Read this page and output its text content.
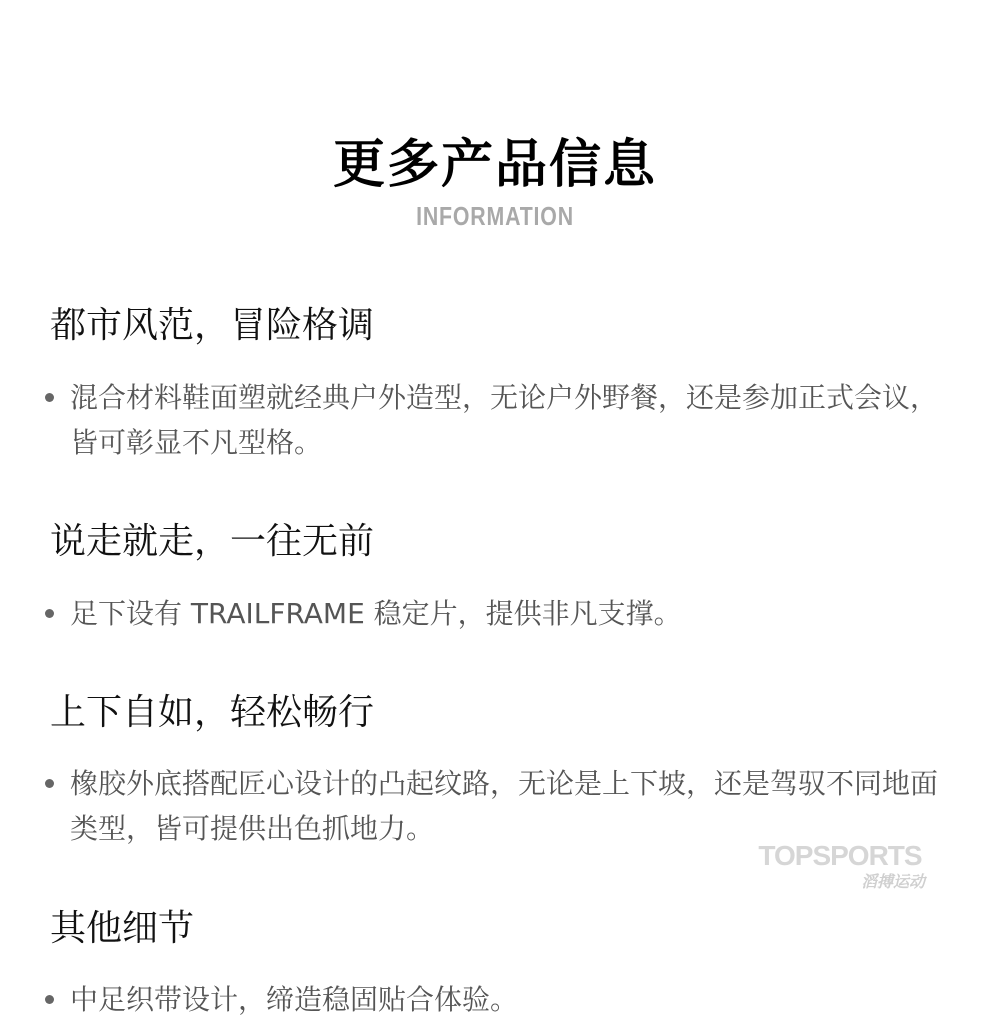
更多产品信息
INFORMATION
都市风范，冒险格调
混合材料鞋面塑就经典户外造型，无论户外野餐，还是参加正式会议，皆可彰显不凡型格。
说走就走，一往无前
足下设有 TRAILFRAME 稳定片，提供非凡支撑。
上下自如，轻松畅行
橡胶外底搭配匠心设计的凸起纹路，无论是上下坡，还是驾驭不同地面类型，皆可提供出色抓地力。
TOPSPORTS
滔搏运动
其他细节
中足织带设计，缔造稳固贴合体验。
